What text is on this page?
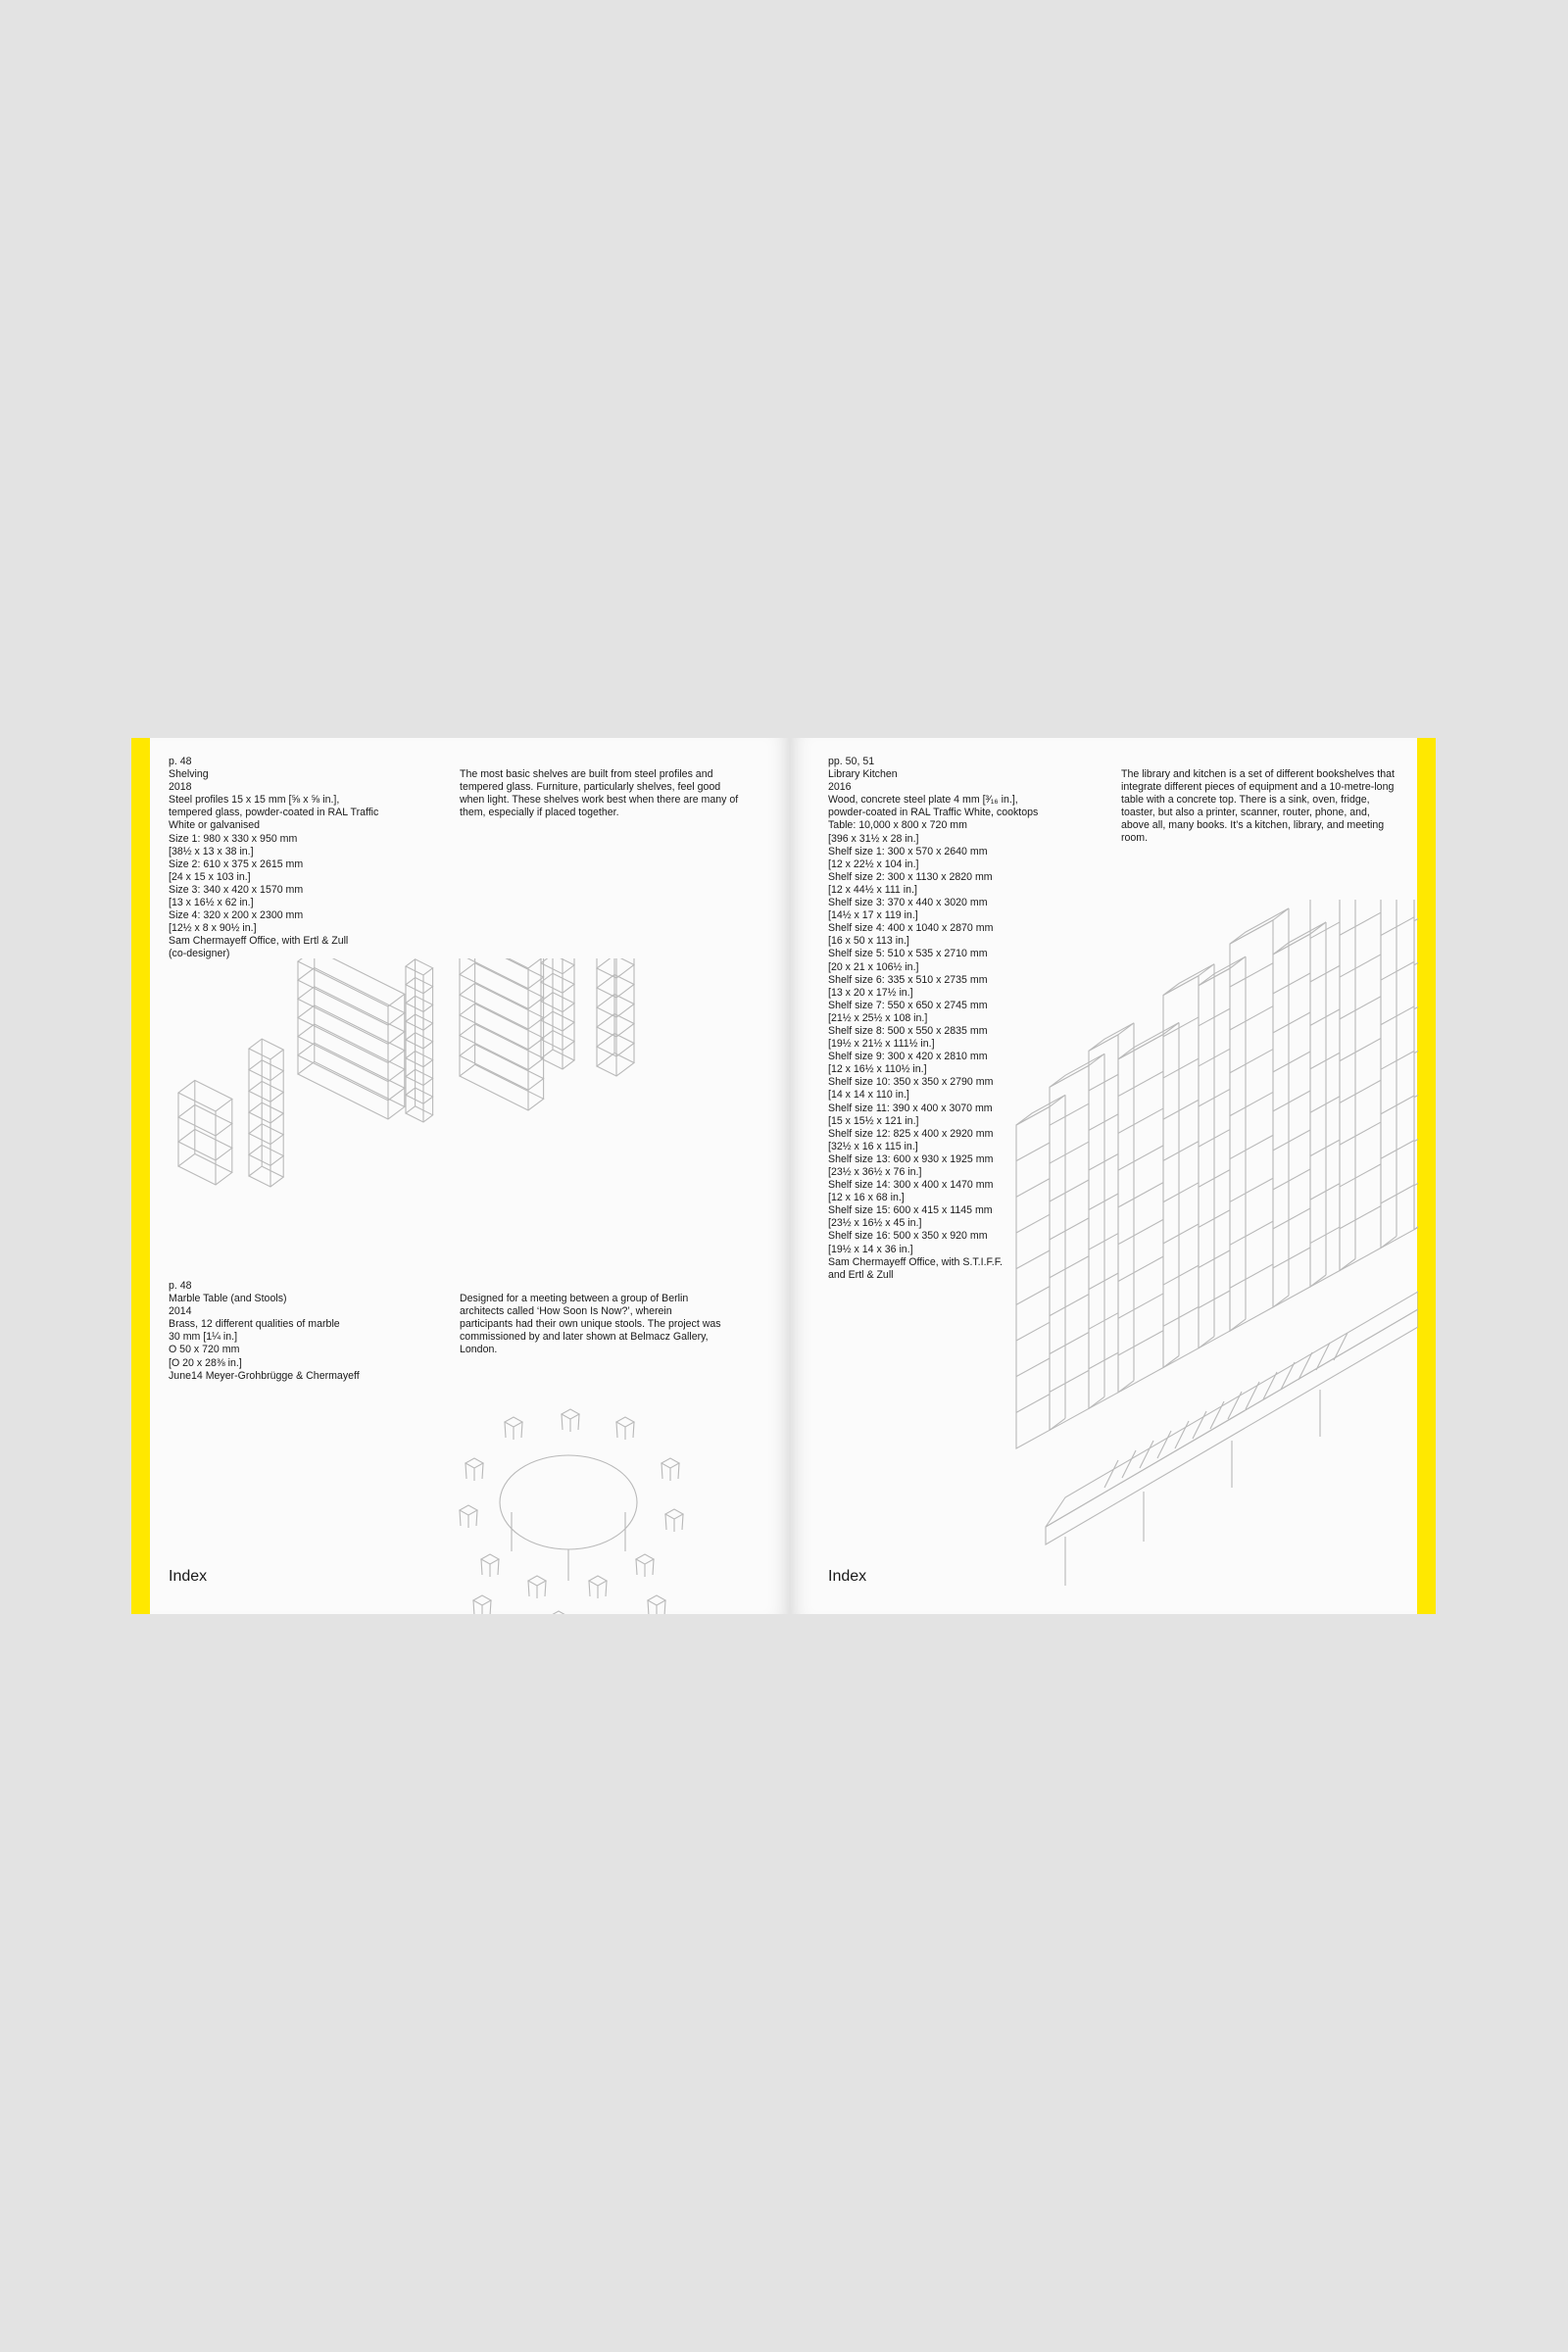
p. 48
Shelving
2018
Steel profiles 15 x 15 mm [⅝ x ⅝ in.],
tempered glass, powder-coated in RAL Traffic
White or galvanised
Size 1: 980 x 330 x 950 mm
[38½ x 13 x 38 in.]
Size 2: 610 x 375 x 2615 mm
[24 x 15 x 103 in.]
Size 3: 340 x 420 x 1570 mm
[13 x 16½ x 62 in.]
Size 4: 320 x 200 x 2300 mm
[12½ x 8 x 90½ in.]
Sam Chermayeff Office, with Ertl & Zull
(co-designer)
The most basic shelves are built from steel profiles and tempered glass. Furniture, particularly shelves, feel good when light. These shelves work best when there are many of them, especially if placed together.
p. 48
Marble Table (and Stools)
2014
Brass, 12 different qualities of marble
30 mm [1¼ in.]
O 50 x 720 mm
[O 20 x 28⅜ in.]
June14 Meyer-Grohbrügge & Chermayeff
Designed for a meeting between a group of Berlin architects called ‘How Soon Is Now?’, wherein participants had their own unique stools. The project was commissioned by and later shown at Belmacz Gallery, London.
Index
pp. 50, 51
Library Kitchen
2016
Wood, concrete steel plate 4 mm [³⁄₁₆ in.],
powder-coated in RAL Traffic White, cooktops
Table: 10,000 x 800 x 720 mm
[396 x 31½ x 28 in.]
Shelf size 1: 300 x 570 x 2640 mm
[12 x 22½ x 104 in.]
Shelf size 2: 300 x 1130 x 2820 mm
[12 x 44½ x 111 in.]
Shelf size 3: 370 x 440 x 3020 mm
[14½ x 17 x 119 in.]
Shelf size 4: 400 x 1040 x 2870 mm
[16 x 50 x 113 in.]
Shelf size 5: 510 x 535 x 2710 mm
[20 x 21 x 106½ in.]
Shelf size 6: 335 x 510 x 2735 mm
[13 x 20 x 17½ in.]
Shelf size 7: 550 x 650 x 2745 mm
[21½ x 25½ x 108 in.]
Shelf size 8: 500 x 550 x 2835 mm
[19½ x 21½ x 111½ in.]
Shelf size 9: 300 x 420 x 2810 mm
[12 x 16½ x 110½ in.]
Shelf size 10: 350 x 350 x 2790 mm
[14 x 14 x 110 in.]
Shelf size 11: 390 x 400 x 3070 mm
[15 x 15½ x 121 in.]
Shelf size 12: 825 x 400 x 2920 mm
[32½ x 16 x 115 in.]
Shelf size 13: 600 x 930 x 1925 mm
[23½ x 36½ x 76 in.]
Shelf size 14: 300 x 400 x 1470 mm
[12 x 16 x 68 in.]
Shelf size 15: 600 x 415 x 1145 mm
[23½ x 16½ x 45 in.]
Shelf size 16: 500 x 350 x 920 mm
[19½ x 14 x 36 in.]
Sam Chermayeff Office, with S.T.I.F.F.
and Ertl & Zull
The library and kitchen is a set of different bookshelves that integrate different pieces of equipment and a 10-metre-long table with a concrete top. There is a sink, oven, fridge, toaster, but also a printer, scanner, router, phone, and, above all, many books. It’s a kitchen, library, and meeting room.
Index
